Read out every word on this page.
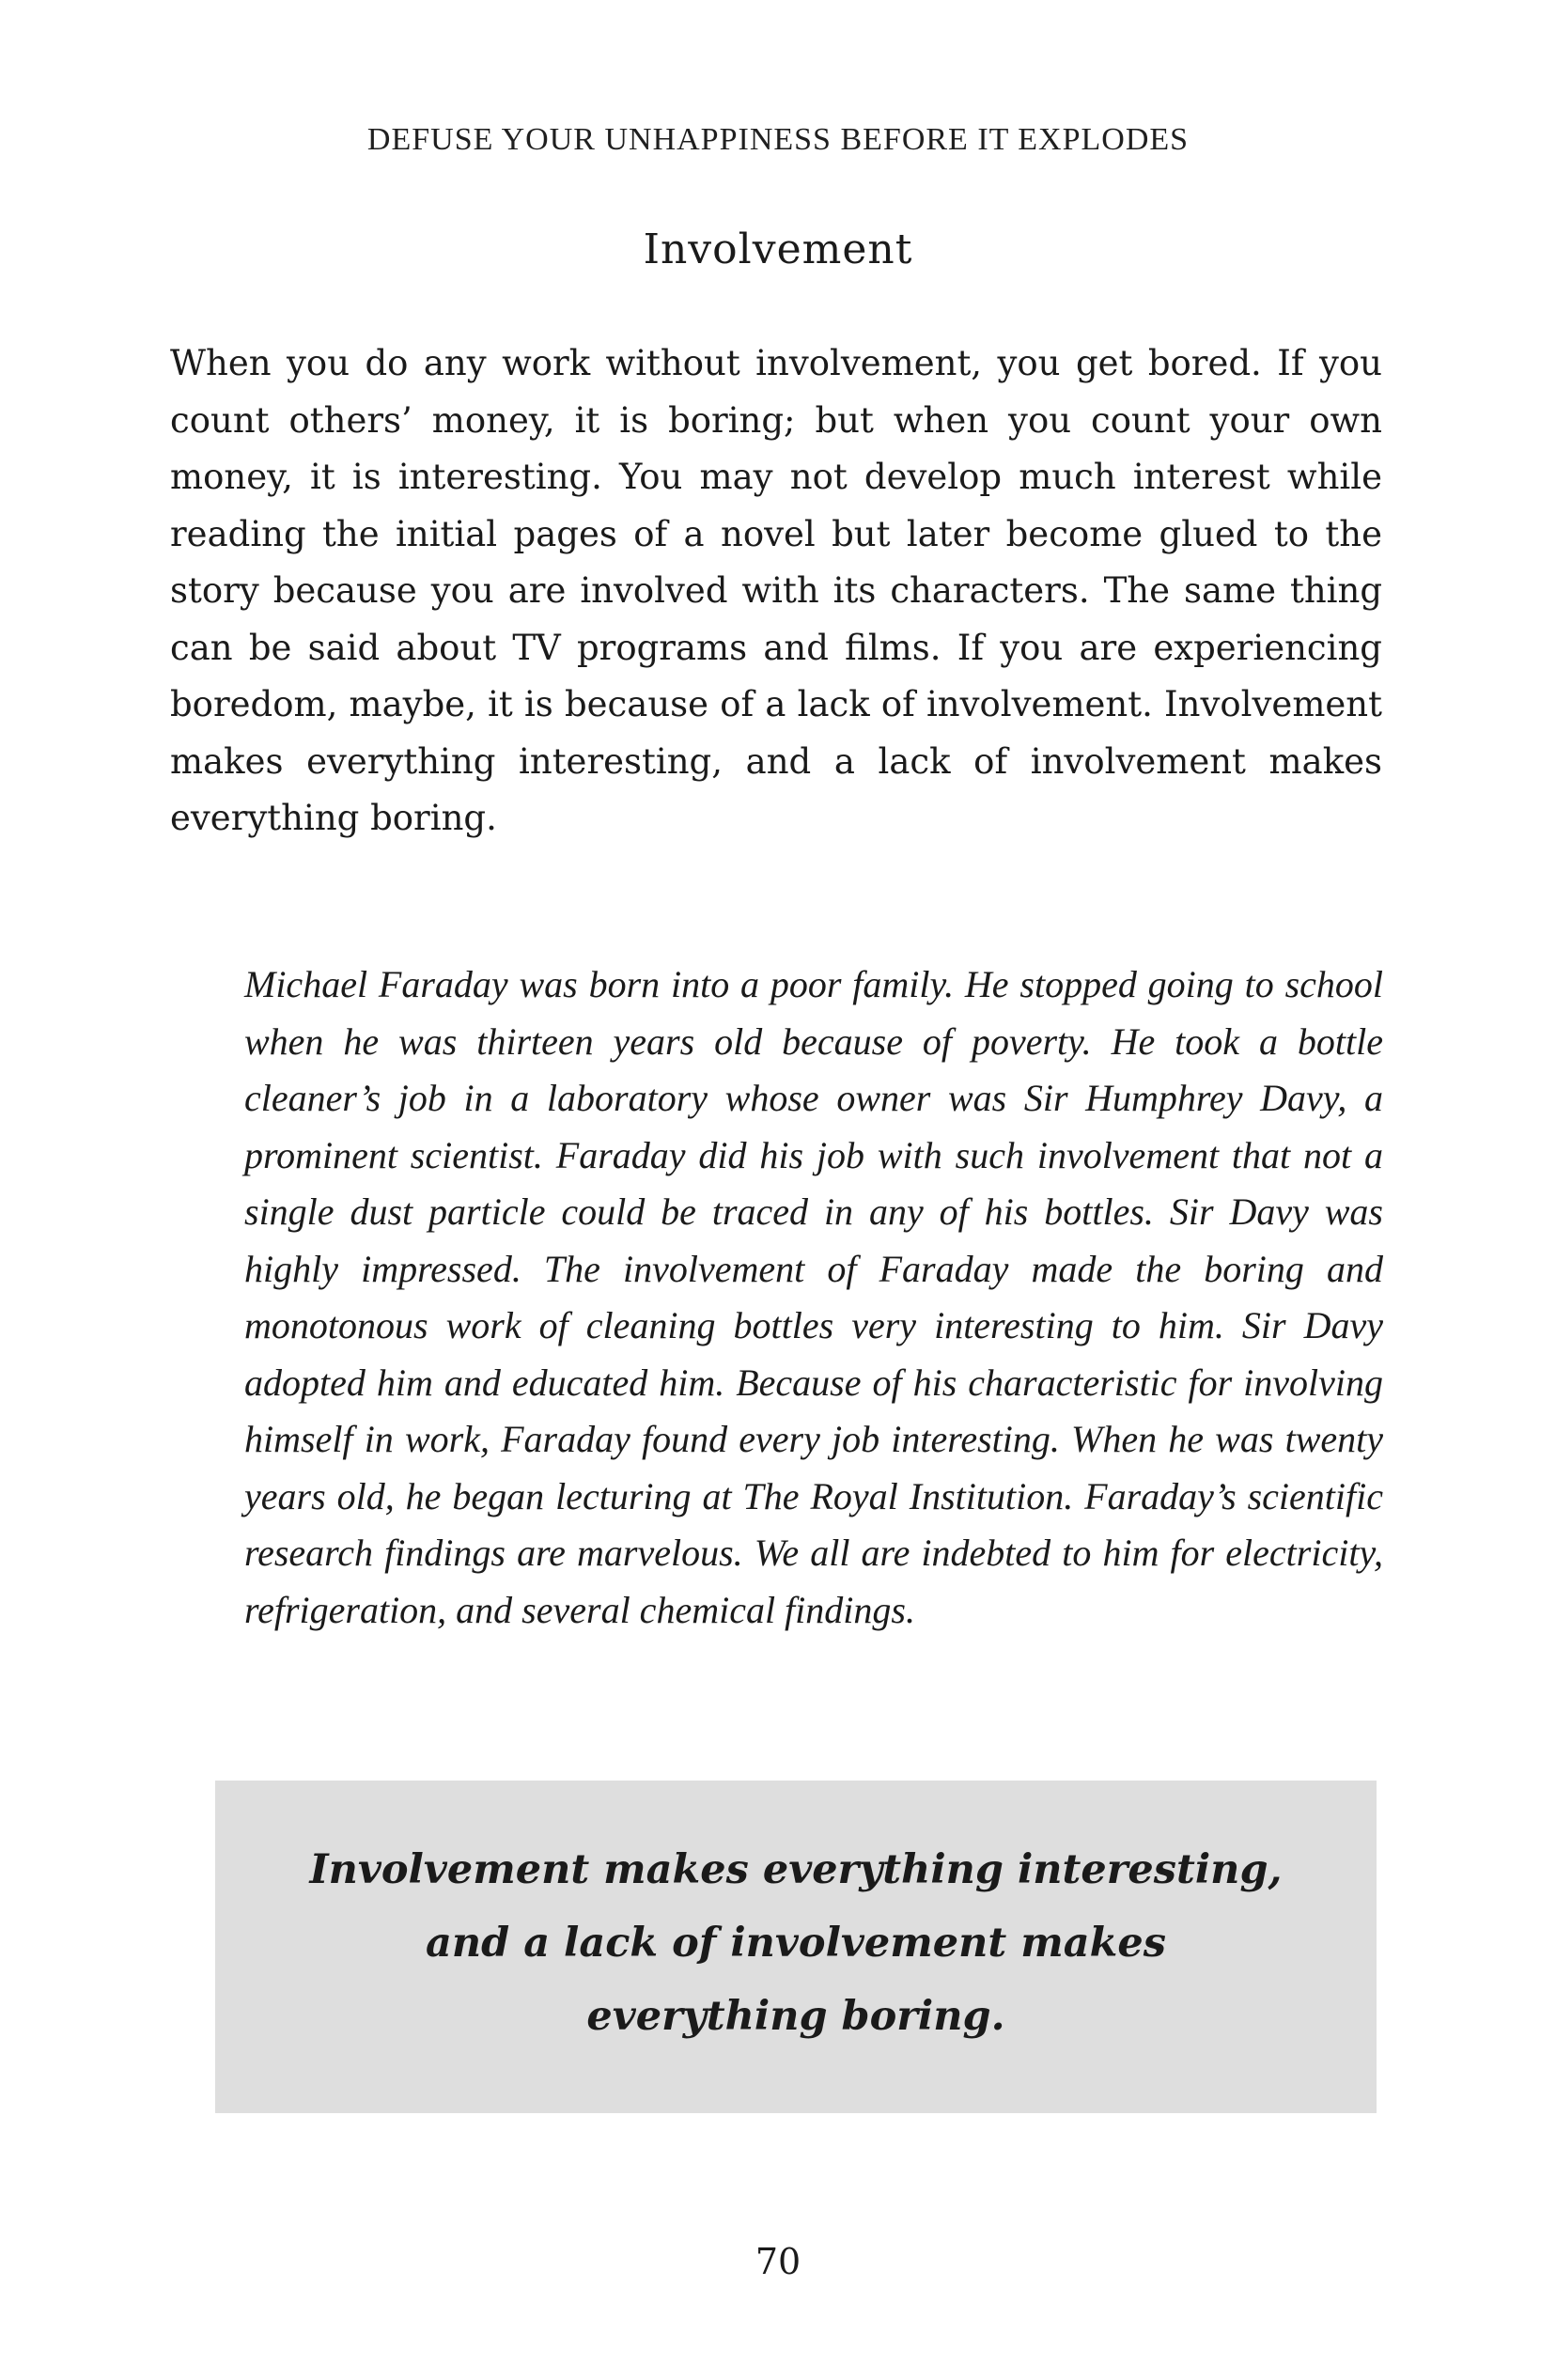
DEFUSE YOUR UNHAPPINESS BEFORE IT EXPLODES
Involvement

When you do any work without involvement, you get bored. If you count others’ money, it is boring; but when you count your own money, it is interesting. You may not develop much interest while reading the initial pages of a novel but later become glued to the story because you are involved with its characters. The same thing can be said about TV programs and films. If you are experiencing boredom, maybe, it is because of a lack of involvement. Involvement makes everything interesting, and a lack of involvement makes everything boring.

Michael Faraday was born into a poor family. He stopped going to school when he was thirteen years old because of poverty. He took a bottle cleaner’s job in a laboratory whose owner was Sir Humphrey Davy, a prominent scientist. Faraday did his job with such involvement that not a single dust particle could be traced in any of his bottles. Sir Davy was highly impressed. The involvement of Faraday made the boring and monotonous work of cleaning bottles very interesting to him. Sir Davy adopted him and educated him. Because of his characteristic for involving himself in work, Faraday found every job interesting. When he was twenty years old, he began lecturing at The Royal Institution. Faraday’s scientific research findings are marvelous. We all are indebted to him for electricity, refrigeration, and several chemical findings.

Involvement makes everything interesting,
and a lack of involvement makes
everything boring.

70
